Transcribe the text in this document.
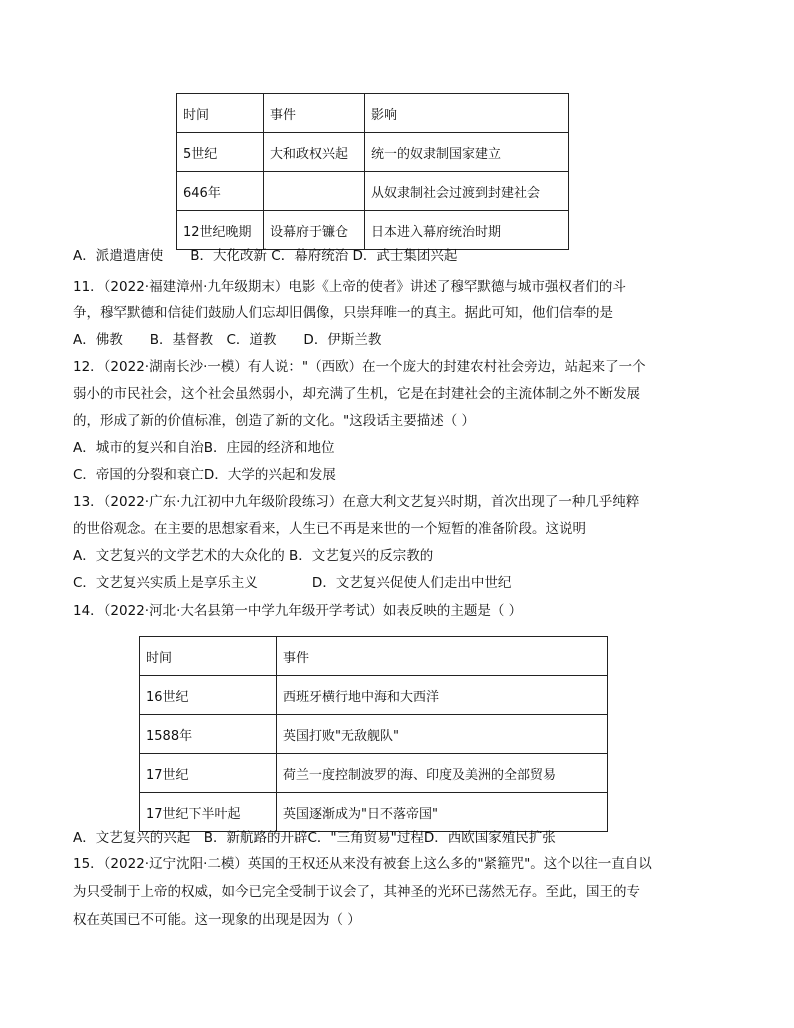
时间	事件	影响
5世纪	大和政权兴起	统一的奴隶制国家建立
646年		从奴隶制社会过渡到封建社会
12世纪晚期	设幕府于镰仓	日本进入幕府统治时期
A．派遣遣唐使　　B．大化改新 C．幕府统治 D．武士集团兴起
11．（2022·福建漳州·九年级期末）电影《上帝的使者》讲述了穆罕默德与城市强权者们的斗
争，穆罕默德和信徒们鼓励人们忘却旧偶像，只崇拜唯一的真主。据此可知，他们信奉的是
A．佛教　　B．基督教　C．道教　　D．伊斯兰教
12．（2022·湖南长沙·一模）有人说："（西欧）在一个庞大的封建农村社会旁边，站起来了一个
弱小的市民社会，这个社会虽然弱小，却充满了生机，它是在封建社会的主流体制之外不断发展
的，形成了新的价值标准，创造了新的文化。"这段话主要描述（ ）
A．城市的复兴和自治B．庄园的经济和地位
C．帝国的分裂和衰亡D．大学的兴起和发展
13．（2022·广东·九江初中九年级阶段练习）在意大利文艺复兴时期，首次出现了一种几乎纯粹
的世俗观念。在主要的思想家看来，人生已不再是来世的一个短暂的准备阶段。这说明
A．文艺复兴的文学艺术的大众化的 B．文艺复兴的反宗教的
C．文艺复兴实质上是享乐主义　　　　D．文艺复兴促使人们走出中世纪
14．（2022·河北·大名县第一中学九年级开学考试）如表反映的主题是（ ）
时间	事件
16世纪	西班牙横行地中海和大西洋
1588年	英国打败"无敌舰队"
17世纪	荷兰一度控制波罗的海、印度及美洲的全部贸易
17世纪下半叶起	英国逐渐成为"日不落帝国"
A．文艺复兴的兴起　B．新航路的开辟C．"三角贸易"过程D．西欧国家殖民扩张
15．（2022·辽宁沈阳·二模）英国的王权还从来没有被套上这么多的"紧箍咒"。这个以往一直自以
为只受制于上帝的权威，如今已完全受制于议会了，其神圣的光环已荡然无存。至此，国王的专
权在英国已不可能。这一现象的出现是因为（ ）
